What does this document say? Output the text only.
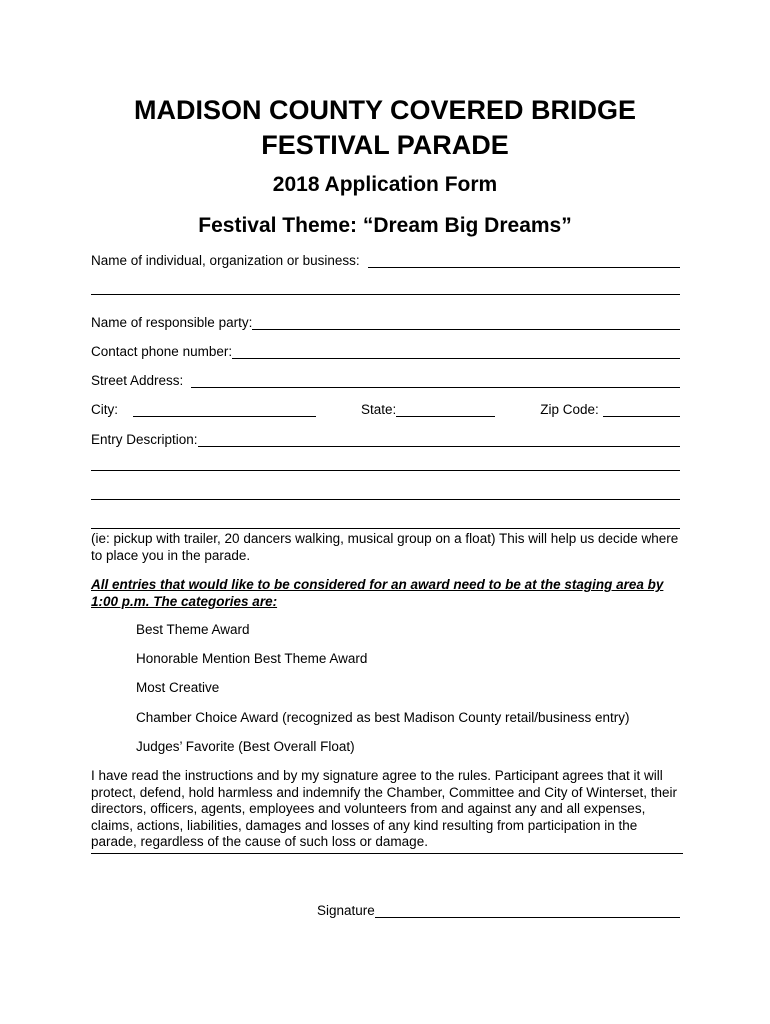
MADISON COUNTY COVERED BRIDGE
FESTIVAL PARADE
2018 Application Form
Festival Theme: “Dream Big Dreams”
Name of individual, organization or business:
Name of responsible party:
Contact phone number:
Street Address:
City:	State:	Zip Code:
Entry Description:
(ie: pickup with trailer, 20 dancers walking, musical group on a float) This will help us decide where to place you in the parade.
All entries that would like to be considered for an award need to be at the staging area by 1:00 p.m. The categories are:
Best Theme Award
Honorable Mention Best Theme Award
Most Creative
Chamber Choice Award (recognized as best Madison County retail/business entry)
Judges’ Favorite (Best Overall Float)
I have read the instructions and by my signature agree to the rules. Participant agrees that it will protect, defend, hold harmless and indemnify the Chamber, Committee and City of Winterset, their directors, officers, agents, employees and volunteers from and against any and all expenses, claims, actions, liabilities, damages and losses of any kind resulting from participation in the parade, regardless of the cause of such loss or damage.
Signature
